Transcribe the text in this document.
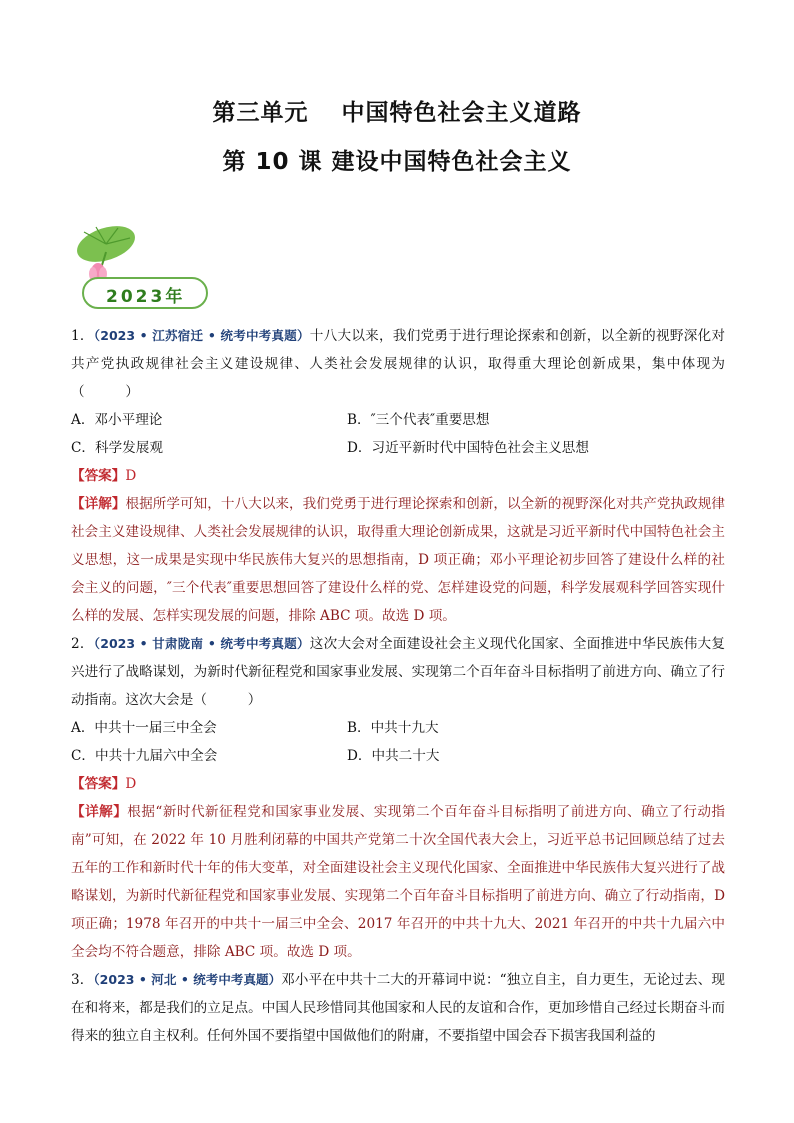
第三单元　 中国特色社会主义道路
第 10 课 建设中国特色社会主义
2023年

1．（2023 • 江苏宿迁 • 统考中考真题）十八大以来，我们党勇于进行理论探索和创新，以全新的视野深化对共产党执政规律社会主义建设规律、人类社会发展规律的认识，取得重大理论创新成果，集中体现为（　　　）

A．邓小平理论	B．″三个代表″重要思想
C．科学发展观	D．习近平新时代中国特色社会主义思想
【答案】D

【详解】根据所学可知，十八大以来，我们党勇于进行理论探索和创新，以全新的视野深化对共产党执政规律社会主义建设规律、人类社会发展规律的认识，取得重大理论创新成果，这就是习近平新时代中国特色社会主义思想，这一成果是实现中华民族伟大复兴的思想指南，D 项正确；邓小平理论初步回答了建设什么样的社会主义的问题，″三个代表″重要思想回答了建设什么样的党、怎样建设党的问题，科学发展观科学回答实现什么样的发展、怎样实现发展的问题，排除 ABC 项。故选 D 项。

2．（2023 • 甘肃陇南 • 统考中考真题）这次大会对全面建设社会主义现代化国家、全面推进中华民族伟大复兴进行了战略谋划，为新时代新征程党和国家事业发展、实现第二个百年奋斗目标指明了前进方向、确立了行动指南。这次大会是（　　　）

A．中共十一届三中全会	B．中共十九大
C．中共十九届六中全会	D．中共二十大
【答案】D

【详解】根据“新时代新征程党和国家事业发展、实现第二个百年奋斗目标指明了前进方向、确立了行动指南”可知，在 2022 年 10 月胜利闭幕的中国共产党第二十次全国代表大会上，习近平总书记回顾总结了过去五年的工作和新时代十年的伟大变革，对全面建设社会主义现代化国家、全面推进中华民族伟大复兴进行了战略谋划，为新时代新征程党和国家事业发展、实现第二个百年奋斗目标指明了前进方向、确立了行动指南，D 项正确；1978 年召开的中共十一届三中全会、2017 年召开的中共十九大、2021 年召开的中共十九届六中全会均不符合题意，排除 ABC 项。故选 D 项。

3．（2023 • 河北 • 统考中考真题）邓小平在中共十二大的开幕词中说：“独立自主，自力更生，无论过去、现在和将来，都是我们的立足点。中国人民珍惜同其他国家和人民的友谊和合作，更加珍惜自己经过长期奋斗而得来的独立自主权利。任何外国不要指望中国做他们的附庸，不要指望中国会吞下损害我国利益的
